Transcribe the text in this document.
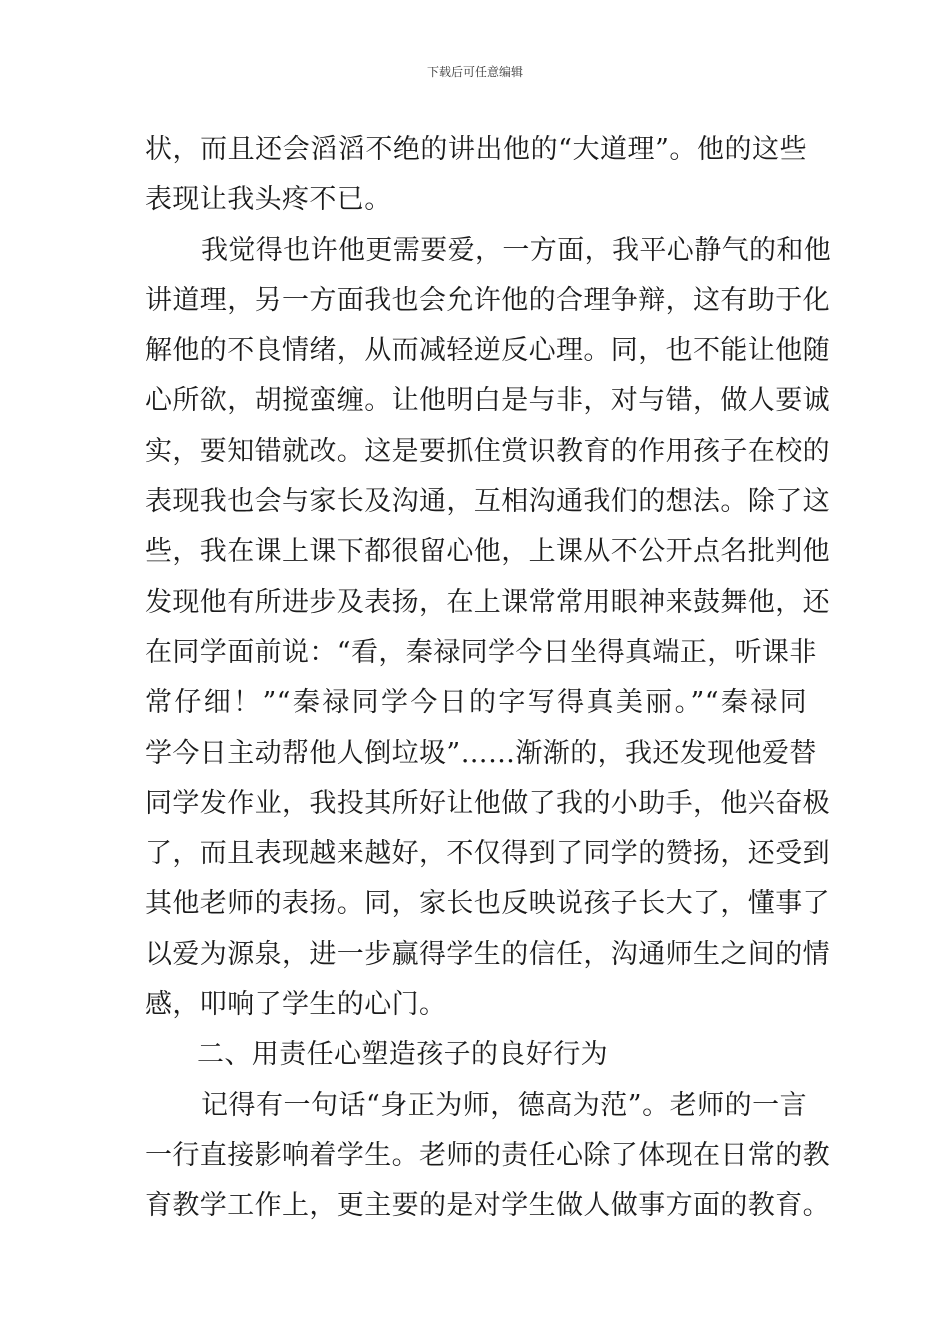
下载后可任意编辑
状，而且还会滔滔不绝的讲出他的“大道理”。他的这些
表现让我头疼不已。
我觉得也许他更需要爱，一方面，我平心静气的和他
讲道理，另一方面我也会允许他的合理争辩，这有助于化
解他的不良情绪，从而减轻逆反心理。同，也不能让他随
心所欲，胡搅蛮缠。让他明白是与非，对与错，做人要诚
实，要知错就改。这是要抓住赏识教育的作用孩子在校的
表现我也会与家长及沟通，互相沟通我们的想法。除了这
些，我在课上课下都很留心他，上课从不公开点名批判他
发现他有所进步及表扬，在上课常常用眼神来鼓舞他，还
在同学面前说：“看，秦禄同学今日坐得真端正，听课非
常仔细！”“秦禄同学今日的字写得真美丽。”“秦禄同
学今日主动帮他人倒垃圾”……渐渐的，我还发现他爱替
同学发作业，我投其所好让他做了我的小助手，他兴奋极
了，而且表现越来越好，不仅得到了同学的赞扬，还受到
其他老师的表扬。同，家长也反映说孩子长大了，懂事了
以爱为源泉，进一步赢得学生的信任，沟通师生之间的情
感，叩响了学生的心门。
二、用责任心塑造孩子的良好行为
记得有一句话“身正为师，德高为范”。老师的一言
一行直接影响着学生。老师的责任心除了体现在日常的教
育教学工作上，更主要的是对学生做人做事方面的教育。
